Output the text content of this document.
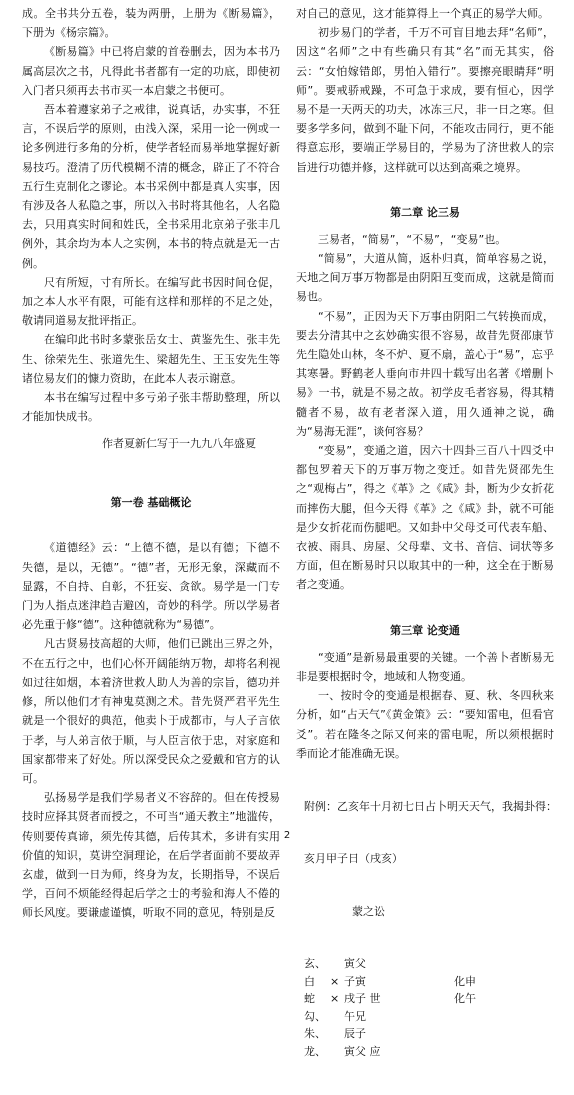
成。全书共分五卷，装为两册，上册为《断易篇》，下册为《杨宗篇》。

《断易篇》中已将启蒙的首卷删去，因为本书乃属高层次之书，凡得此书者都有一定的功底，即使初入门者只须再去书市买一本启蒙之书便可。

吾本着遵家弟子之戒律，说真话，办实事，不狂言，不误后学的原则，由浅入深，采用一论一例或一论多例进行多角的分析，使学者轻而易举地掌握好新易技巧。澄清了历代模糊不清的概念，辟正了不符合五行生克制化之谬论。本书采例中都是真人实事，因有涉及各人私隐之事，所以入书时将其他名，人名隐去，只用真实时间和姓氏，全书采用北京弟子张丰几例外，其余均为本人之实例，本书的特点就是无一古例。

尺有所短，寸有所长。在编写此书因时间仓促，加之本人水平有限，可能有这样和那样的不足之处，敬请同道易友批评指正。

在编印此书时多蒙张岳女士、黄鉴先生、张丰先生、徐荣先生、张道先生、梁超先生、王玉安先生等诸位易友们的慷力资助，在此本人表示谢意。

本书在编写过程中多亏弟子张丰帮助整理，所以才能加快成书。

作者夏新仁写于一九九八年盛夏
第一卷 基础概论

《道德经》云：“上德不德，是以有德；下德不失德，是以，无德”。“德”者，无形无象，深藏而不显露，不自持、自彰，不狂妄、贪欲。易学是一门专门为人指点迷津趋吉避凶，奇妙的科学。所以学易者必先重于修“德”。这种德就称为“易德”。

凡古贤易技高超的大师，他们已跳出三界之外，不在五行之中，也们心怀开阔能纳万物，却将名利视如过往如烟，本着济世救人助人为善的宗旨，德功并修，所以他们才有神鬼莫测之术。昔先贤严君平先生就是一个很好的典范，他卖卜于成都市，与人子言依于孝，与人弟言依于顺，与人臣言依于忠，对家庭和国家都带来了好处。所以深受民众之爱戴和官方的认可。

弘扬易学是我们学易者义不容辞的。但在传授易技时应择其贤者而授之，不可当“通天教主”地滥传，传则要传真谛，须先传其德，后传其术，多讲有实用价值的知识，莫讲空洞理论，在后学者面前不要故弄玄虚，做到一日为师，终身为友，长期指导，不误后学，百问不烦能经得起后学之士的考验和海人不倦的师长风度。要谦虚谨慎，听取不同的意见，特别是反

对自己的意见，这才能算得上一个真正的易学大师。

初步易门的学者，千万不可盲目地去拜“名师”，因这“名师”之中有些确只有其“名”而无其实，俗云：“女怕嫁错郎，男怕入错行”。要擦亮眼睛拜“明师”。要戒骄戒躁，不可急于求成，要有恒心，因学易不是一天两天的功夫，冰冻三尺，非一日之寒。但要多学多问，做到不耻下问，不能攻击同行，更不能得意忘形，要端正学易目的，学易为了济世救人的宗旨进行功德并修，这样就可以达到高乘之境界。

第二章 论三易

三易者，“简易”，“不易”，“变易”也。

“简易”，大道从简，返朴归真，简单容易之说，天地之间万事万物都是由阴阳互变而成，这就是简而易也。

“不易”，正因为天下万事由阴阳二气转换而成，要去分清其中之玄妙确实很不容易，故昔先贤邵康节先生隐处山林，冬不炉、夏不扇，盖心于“易”，忘乎其寒暑。野鹤老人垂向市井四十载写出名著《增删卜易》一书，就是不易之故。初学皮毛者容易，得其精髓者不易，故有老者深入道，用久通神之说，确为“易海无涯”，谈何容易？

“变易”，变通之道，因六十四卦三百八十四爻中都包罗着天下的万事万物之变迁。如昔先贤邵先生之“观梅占”，得之《革》之《咸》卦，断为少女折花而摔伤大腿，但今天得《革》之《咸》卦，就不可能是少女折花而伤腿吧。又如卦中父母爻可代表车船、衣被、雨具、房屋、父母辈、文书、音信、词状等多方面，但在断易时只以取其中的一种，这全在于断易者之变通。

第三章 论变通

“变通”是新易最重要的关键。一个善卜者断易无非是要根据时令，地域和人物变通。

一、按时令的变通是根据春、夏、秋、冬四秋来分析，如“占天气”《黄金策》云：“要知雷电，但看官爻”。若在隆冬之际又何来的雷电呢，所以须根据时季而论才能准确无误。

附例：乙亥年十月初七日占卜明天天气，我揭卦得：

亥月甲子日（戌亥）

蒙之讼

玄、 寅父
白 × 子寅	化申
蛇 × 戌子 世	化午
勾、 午兄
朱、 辰子
龙、 寅父 应

2
